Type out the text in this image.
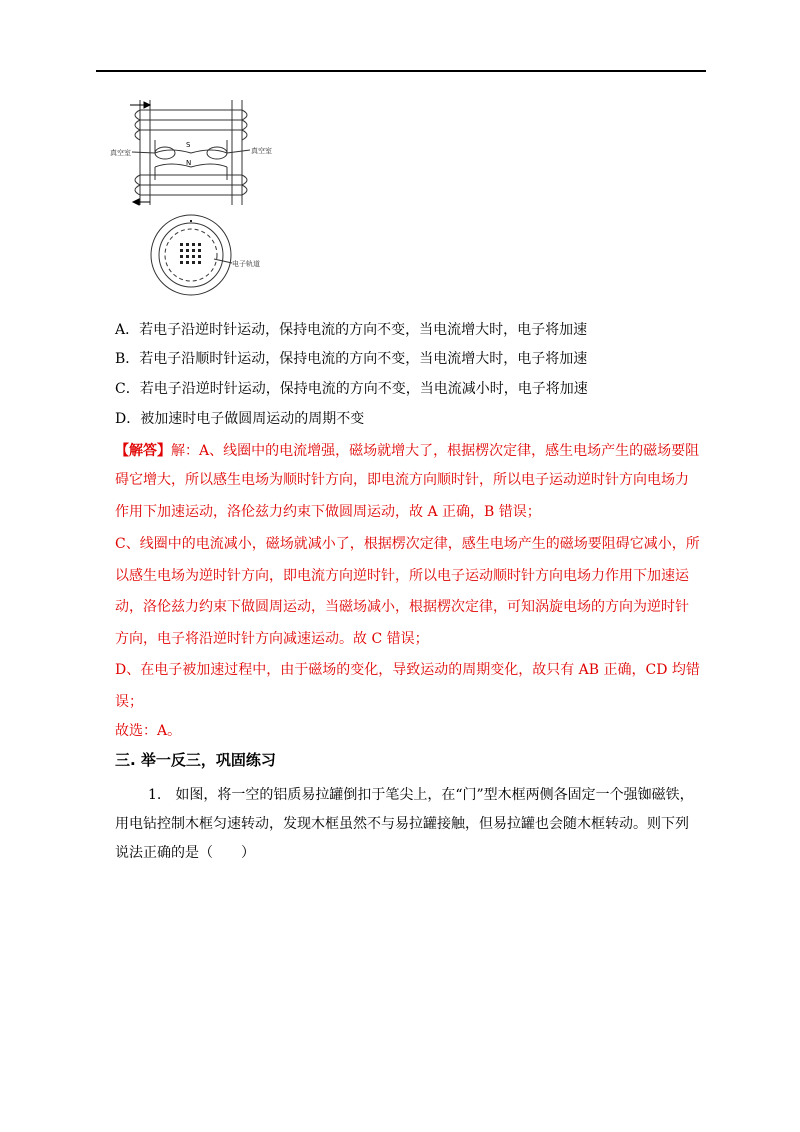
S
N
真空室	真空室
电子轨道
A．若电子沿逆时针运动，保持电流的方向不变，当电流增大时，电子将加速
B．若电子沿顺时针运动，保持电流的方向不变，当电流增大时，电子将加速
C．若电子沿逆时针运动，保持电流的方向不变，当电流减小时，电子将加速
D．被加速时电子做圆周运动的周期不变
【解答】解：A、线圈中的电流增强，磁场就增大了，根据楞次定律，感生电场产生的磁场要阻
碍它增大，所以感生电场为顺时针方向，即电流方向顺时针，所以电子运动逆时针方向电场力
作用下加速运动，洛伦兹力约束下做圆周运动，故 A 正确，B 错误；
C、线圈中的电流减小，磁场就减小了，根据楞次定律，感生电场产生的磁场要阻碍它减小，所
以感生电场为逆时针方向，即电流方向逆时针，所以电子运动顺时针方向电场力作用下加速运
动，洛伦兹力约束下做圆周运动，当磁场减小，根据楞次定律，可知涡旋电场的方向为逆时针
方向，电子将沿逆时针方向减速运动。故 C 错误；
D、在电子被加速过程中，由于磁场的变化，导致运动的周期变化，故只有 AB 正确，CD 均错
误；
故选：A。
三. 举一反三，巩固练习
1.　如图，将一空的铝质易拉罐倒扣于笔尖上，在“门”型木框两侧各固定一个强铷磁铁，
用电钻控制木框匀速转动，发现木框虽然不与易拉罐接触，但易拉罐也会随木框转动。则下列
说法正确的是（　　）
